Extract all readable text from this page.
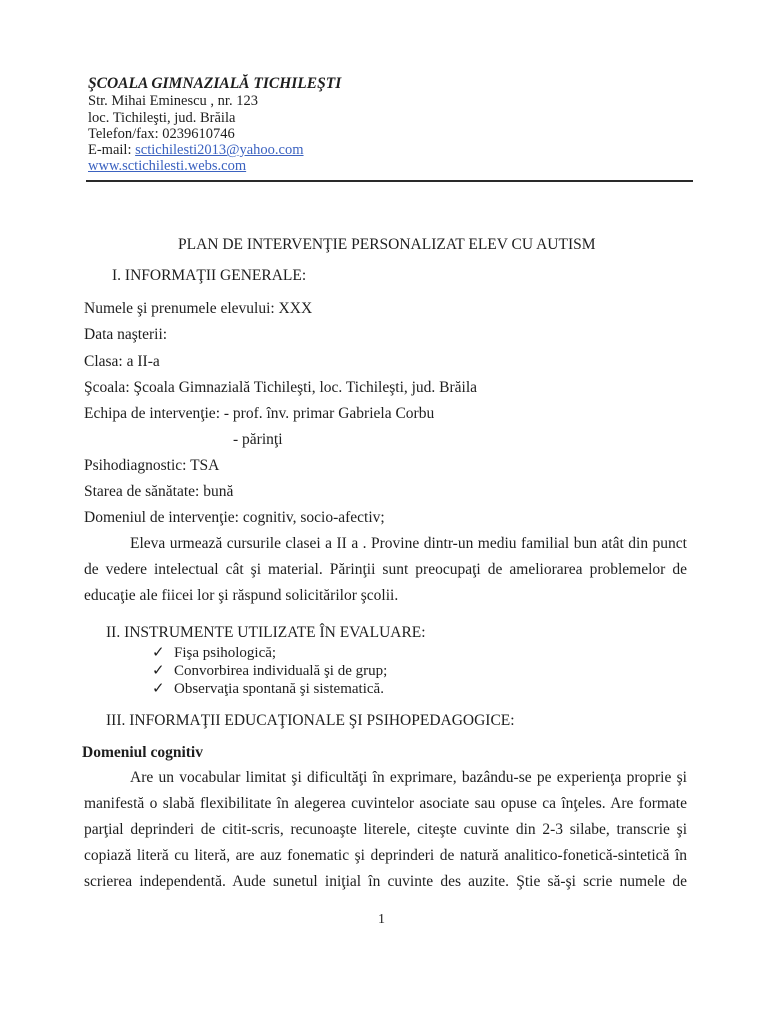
ŞCOALA GIMNAZIALĂ TICHILEŞTI
Str. Mihai Eminescu , nr. 123
loc. Tichileşti, jud. Brăila
Telefon/fax: 0239610746
E-mail: sctichilesti2013@yahoo.com
www.sctichilesti.webs.com
PLAN DE INTERVENŢIE PERSONALIZAT ELEV CU AUTISM
I. INFORMAŢII GENERALE:
Numele şi prenumele elevului: XXX
Data naşterii:
Clasa: a II-a
Şcoala: Şcoala Gimnazială Tichileşti, loc. Tichileşti, jud. Brăila
Echipa de intervenţie: - prof. înv. primar Gabriela Corbu
- părinţi
Psihodiagnostic: TSA
Starea de sănătate: bună
Domeniul de intervenţie: cognitiv, socio-afectiv;
Eleva urmează cursurile clasei a II a . Provine dintr-un mediu familial bun atât din punct
de vedere intelectual cât şi material. Părinţii sunt preocupaţi de ameliorarea problemelor de
educaţie ale fiicei lor şi răspund solicitărilor şcolii.
II. INSTRUMENTE UTILIZATE ÎN EVALUARE:
✓ Fişa psihologică;
✓ Convorbirea individuală şi de grup;
✓ Observaţia spontană şi sistematică.
III. INFORMAŢII EDUCAŢIONALE ŞI PSIHOPEDAGOGICE:
Domeniul cognitiv
Are un vocabular limitat şi dificultăţi în exprimare, bazându-se pe experienţa proprie şi
manifestă o slabă flexibilitate în alegerea cuvintelor asociate sau opuse ca înţeles. Are formate
parţial deprinderi de citit-scris, recunoaşte literele, citeşte cuvinte din 2-3 silabe, transcrie şi
copiază literă cu literă, are auz fonematic şi deprinderi de natură analitico-fonetică-sintetică în
scrierea independentă. Aude sunetul iniţial în cuvinte des auzite. Ştie să-şi scrie numele de
1
